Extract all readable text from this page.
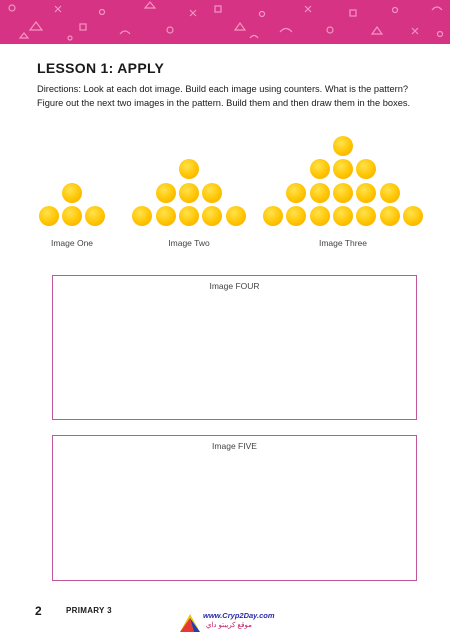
LESSON 1: APPLY
Directions: Look at each dot image. Build each image using counters. What is the pattern? Figure out the next two images in the pattern. Build them and then draw them in the boxes.
Image One	Image Two	Image Three
Image FOUR
Image FIVE
2	PRIMARY 3
www.Cryp2Day.com
موقع كريبتو داي
